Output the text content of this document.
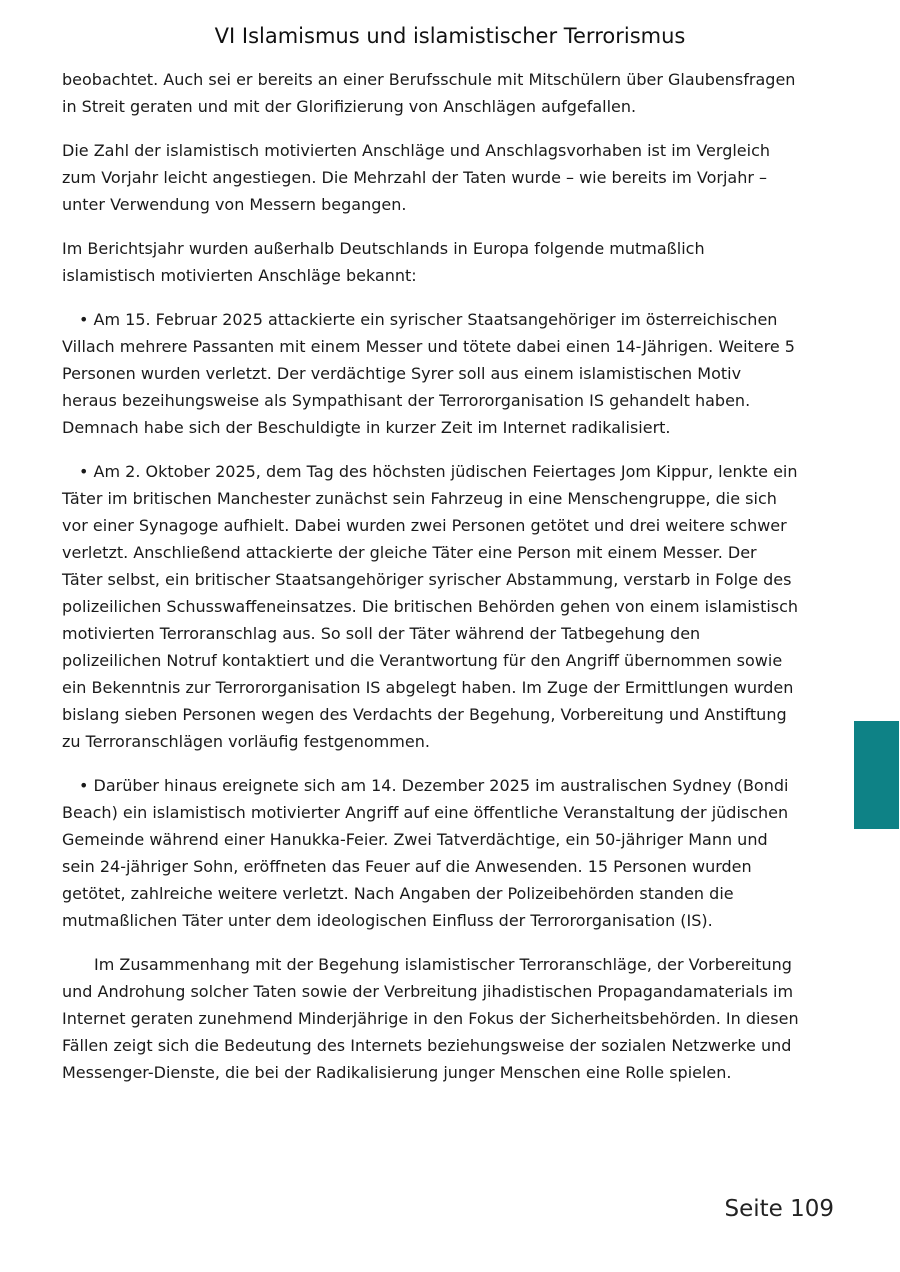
VI Islamismus und islamistischer Terrorismus

beobachtet. Auch sei er bereits an einer Berufsschule mit Mitschülern über Glaubensfragen in Streit geraten und mit der Glorifizierung von Anschlägen aufgefallen.

Die Zahl der islamistisch motivierten Anschläge und Anschlagsvorhaben ist im Vergleich zum Vorjahr leicht angestiegen. Die Mehrzahl der Taten wurde – wie bereits im Vorjahr – unter Verwendung von Messern begangen.

Im Berichtsjahr wurden außerhalb Deutschlands in Europa folgende mutmaßlich islamistisch motivierten Anschläge bekannt:

• Am 15. Februar 2025 attackierte ein syrischer Staatsangehöriger im österreichischen Villach mehrere Passanten mit einem Messer und tötete dabei einen 14-Jährigen. Weitere 5 Personen wurden verletzt. Der verdächtige Syrer soll aus einem islamistischen Motiv heraus bezeihungsweise als Sympathisant der Terrororganisation IS gehandelt haben. Demnach habe sich der Beschuldigte in kurzer Zeit im Internet radikalisiert.

• Am 2. Oktober 2025, dem Tag des höchsten jüdischen Feiertages Jom Kippur, lenkte ein Täter im britischen Manchester zunächst sein Fahrzeug in eine Menschengruppe, die sich vor einer Synagoge aufhielt. Dabei wurden zwei Personen getötet und drei weitere schwer verletzt. Anschließend attackierte der gleiche Täter eine Person mit einem Messer. Der Täter selbst, ein britischer Staatsangehöriger syrischer Abstammung, verstarb in Folge des polizeilichen Schusswaffeneinsatzes. Die britischen Behörden gehen von einem islamistisch motivierten Terroranschlag aus. So soll der Täter während der Tatbegehung den polizeilichen Notruf kontaktiert und die Verantwortung für den Angriff übernommen sowie ein Bekenntnis zur Terrororganisation IS abgelegt haben. Im Zuge der Ermittlungen wurden bislang sieben Personen wegen des Verdachts der Begehung, Vorbereitung und Anstiftung zu Terroranschlägen vorläufig festgenommen.

• Darüber hinaus ereignete sich am 14. Dezember 2025 im australischen Sydney (Bondi Beach) ein islamistisch motivierter Angriff auf eine öffentliche Veranstaltung der jüdischen Gemeinde während einer Hanukka-Feier. Zwei Tatverdächtige, ein 50-jähriger Mann und sein 24-jähriger Sohn, eröffneten das Feuer auf die Anwesenden. 15 Personen wurden getötet, zahlreiche weitere verletzt. Nach Angaben der Polizeibehörden standen die mutmaßlichen Täter unter dem ideologischen Einfluss der Terrororganisation (IS).

Im Zusammenhang mit der Begehung islamistischer Terroranschläge, der Vorbereitung und Androhung solcher Taten sowie der Verbreitung jihadistischen Propagandamaterials im Internet geraten zunehmend Minderjährige in den Fokus der Sicherheitsbehörden. In diesen Fällen zeigt sich die Bedeutung des Internets beziehungsweise der sozialen Netzwerke und Messenger-Dienste, die bei der Radikalisierung junger Menschen eine Rolle spielen.

Seite 109
